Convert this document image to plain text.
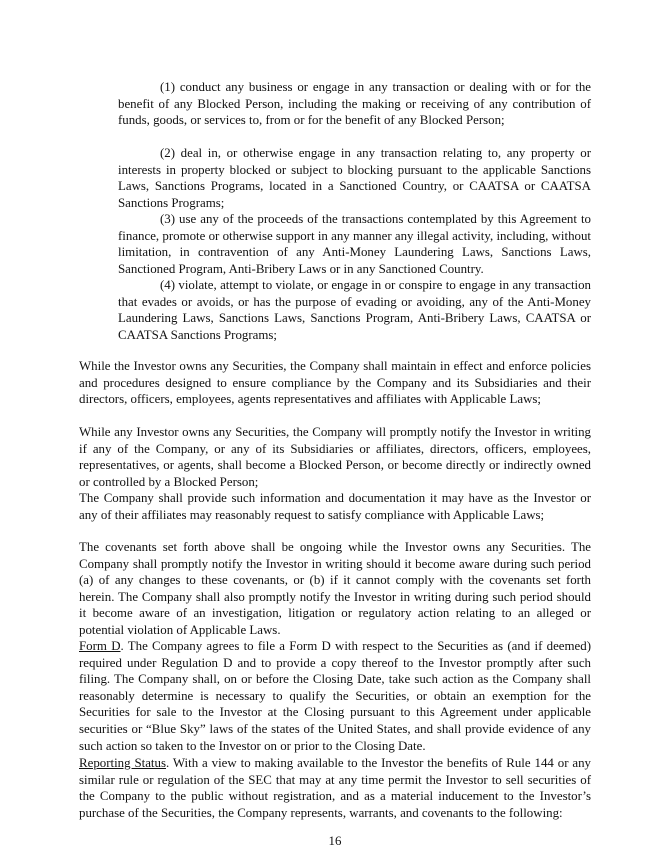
(1) conduct any business or engage in any transaction or dealing with or for the benefit of any Blocked Person, including the making or receiving of any contribution of funds, goods, or services to, from or for the benefit of any Blocked Person;

(2) deal in, or otherwise engage in any transaction relating to, any property or interests in property blocked or subject to blocking pursuant to the applicable Sanctions Laws, Sanctions Programs, located in a Sanctioned Country, or CAATSA or CAATSA Sanctions Programs;

(3) use any of the proceeds of the transactions contemplated by this Agreement to finance, promote or otherwise support in any manner any illegal activity, including, without limitation, in contravention of any Anti-Money Laundering Laws, Sanctions Laws, Sanctioned Program, Anti-Bribery Laws or in any Sanctioned Country.

(4) violate, attempt to violate, or engage in or conspire to engage in any transaction that evades or avoids, or has the purpose of evading or avoiding, any of the Anti-Money Laundering Laws, Sanctions Laws, Sanctions Program, Anti-Bribery Laws, CAATSA or CAATSA Sanctions Programs;

While the Investor owns any Securities, the Company shall maintain in effect and enforce policies and procedures designed to ensure compliance by the Company and its Subsidiaries and their directors, officers, employees, agents representatives and affiliates with Applicable Laws;

While any Investor owns any Securities, the Company will promptly notify the Investor in writing if any of the Company, or any of its Subsidiaries or affiliates, directors, officers, employees, representatives, or agents, shall become a Blocked Person, or become directly or indirectly owned or controlled by a Blocked Person;

The Company shall provide such information and documentation it may have as the Investor or any of their affiliates may reasonably request to satisfy compliance with Applicable Laws;

The covenants set forth above shall be ongoing while the Investor owns any Securities. The Company shall promptly notify the Investor in writing should it become aware during such period (a) of any changes to these covenants, or (b) if it cannot comply with the covenants set forth herein. The Company shall also promptly notify the Investor in writing during such period should it become aware of an investigation, litigation or regulatory action relating to an alleged or potential violation of Applicable Laws.

Form D. The Company agrees to file a Form D with respect to the Securities as (and if deemed) required under Regulation D and to provide a copy thereof to the Investor promptly after such filing. The Company shall, on or before the Closing Date, take such action as the Company shall reasonably determine is necessary to qualify the Securities, or obtain an exemption for the Securities for sale to the Investor at the Closing pursuant to this Agreement under applicable securities or “Blue Sky” laws of the states of the United States, and shall provide evidence of any such action so taken to the Investor on or prior to the Closing Date.

Reporting Status. With a view to making available to the Investor the benefits of Rule 144 or any similar rule or regulation of the SEC that may at any time permit the Investor to sell securities of the Company to the public without registration, and as a material inducement to the Investor’s purchase of the Securities, the Company represents, warrants, and covenants to the following:

16
